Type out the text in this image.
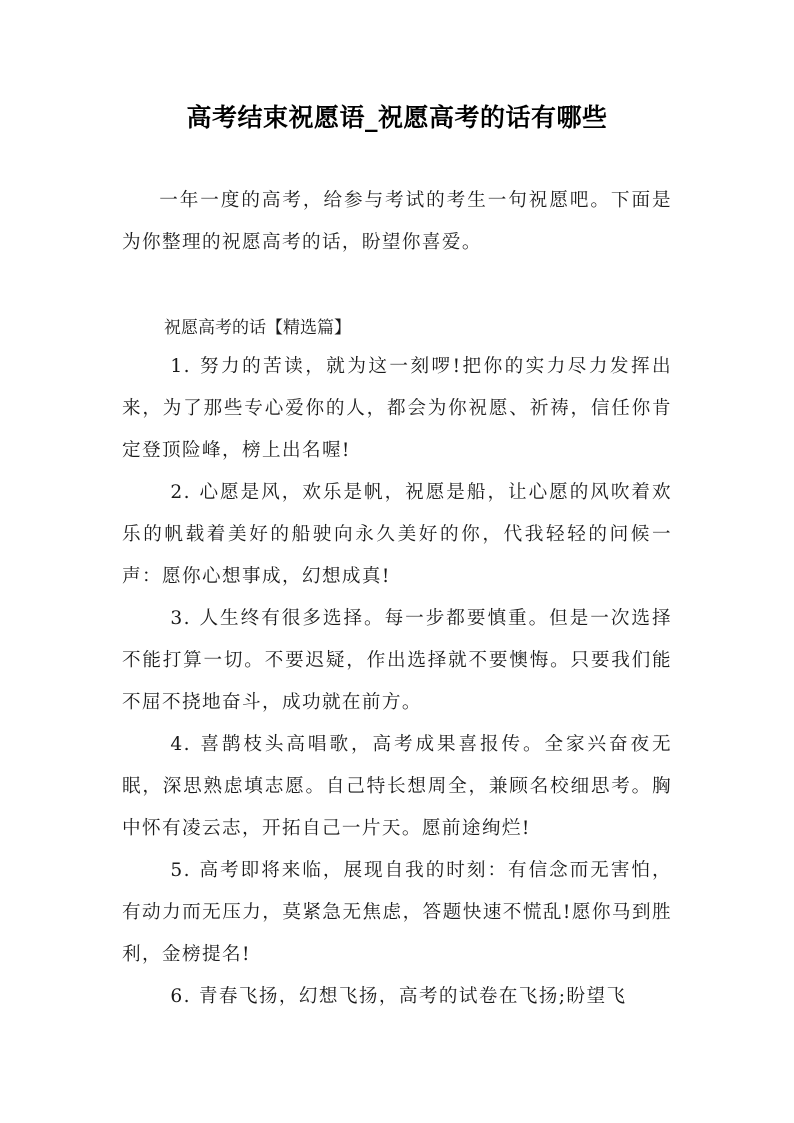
高考结束祝愿语_祝愿高考的话有哪些

一年一度的高考，给参与考试的考生一句祝愿吧。下面是为你整理的祝愿高考的话，盼望你喜爱。

祝愿高考的话【精选篇】

1. 努力的苦读，就为这一刻啰!把你的实力尽力发挥出来，为了那些专心爱你的人，都会为你祝愿、祈祷，信任你肯定登顶险峰，榜上出名喔!

2. 心愿是风，欢乐是帆，祝愿是船，让心愿的风吹着欢乐的帆载着美好的船驶向永久美好的你，代我轻轻的问候一声：愿你心想事成，幻想成真!

3. 人生终有很多选择。每一步都要慎重。但是一次选择不能打算一切。不要迟疑，作出选择就不要懊悔。只要我们能不屈不挠地奋斗，成功就在前方。

4. 喜鹊枝头高唱歌，高考成果喜报传。全家兴奋夜无眠，深思熟虑填志愿。自己特长想周全，兼顾名校细思考。胸中怀有凌云志，开拓自己一片天。愿前途绚烂!

5. 高考即将来临，展现自我的时刻：有信念而无害怕，有动力而无压力，莫紧急无焦虑，答题快速不慌乱!愿你马到胜利，金榜提名!

6. 青春飞扬，幻想飞扬，高考的试卷在飞扬;盼望飞
